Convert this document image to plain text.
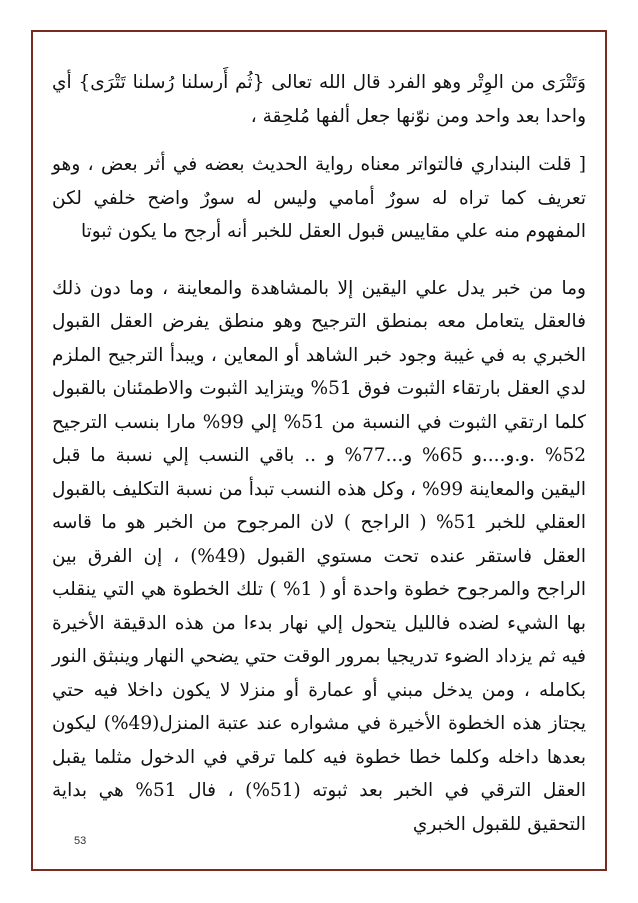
وَتَتْرَى من الوِتْر وهو الفرد قال الله تعالى {ثُم أَرسلنا رُسلنا تَتْرَى} أي واحدا بعد واحد ومن نوّنها جعل ألفها مُلحِقة ،

[ قلت البنداري فالتواتر معناه رواية الحديث بعضه في أثر بعض ، وهو تعريف كما تراه له سورٌ أمامي وليس له سورٌ واضح خلفي لكن المفهوم منه علي مقاييس قبول العقل للخبر أنه أرجح ما يكون ثبوتا

وما من خبر يدل علي اليقين إلا بالمشاهدة والمعاينة ، وما دون ذلك فالعقل يتعامل معه بمنطق الترجيح وهو منطق يفرض العقل القبول الخبري به في غيبة وجود خبر الشاهد أو المعاين ، ويبدأ الترجيح الملزم لدي العقل بارتقاء الثبوت فوق 51% ويتزايد الثبوت والاطمئنان بالقبول كلما ارتقي الثبوت في النسبة من 51% إلي 99% مارا بنسب الترجيح 52% .و.و....و 65% و...77% و .. باقي النسب إلي نسبة ما قبل اليقين والمعاينة 99% ، وكل هذه النسب تبدأ من نسبة التكليف بالقبول العقلي للخبر 51% ( الراجح ) لان المرجوح من الخبر هو ما قاسه العقل فاستقر عنده تحت مستوي القبول (49%) ، إن الفرق بين الراجح والمرجوح خطوة واحدة أو ( 1% ) تلك الخطوة هي التي ينقلب بها الشيء لضده فالليل يتحول إلي نهار بدءا من هذه الدقيقة الأخيرة فيه ثم يزداد الضوء تدريجيا بمرور الوقت حتي يضحي النهار وينبثق النور بكامله ، ومن يدخل مبني أو عمارة أو منزلا لا يكون داخلا فيه حتي يجتاز هذه الخطوة الأخيرة في مشواره عند عتبة المنزل(49%) ليكون بعدها داخله وكلما خطا خطوة فيه كلما ترقي في الدخول مثلما يقبل العقل الترقي في الخبر بعد ثبوته (51%) ، فال 51% هي بداية التحقيق للقبول الخبري

53
